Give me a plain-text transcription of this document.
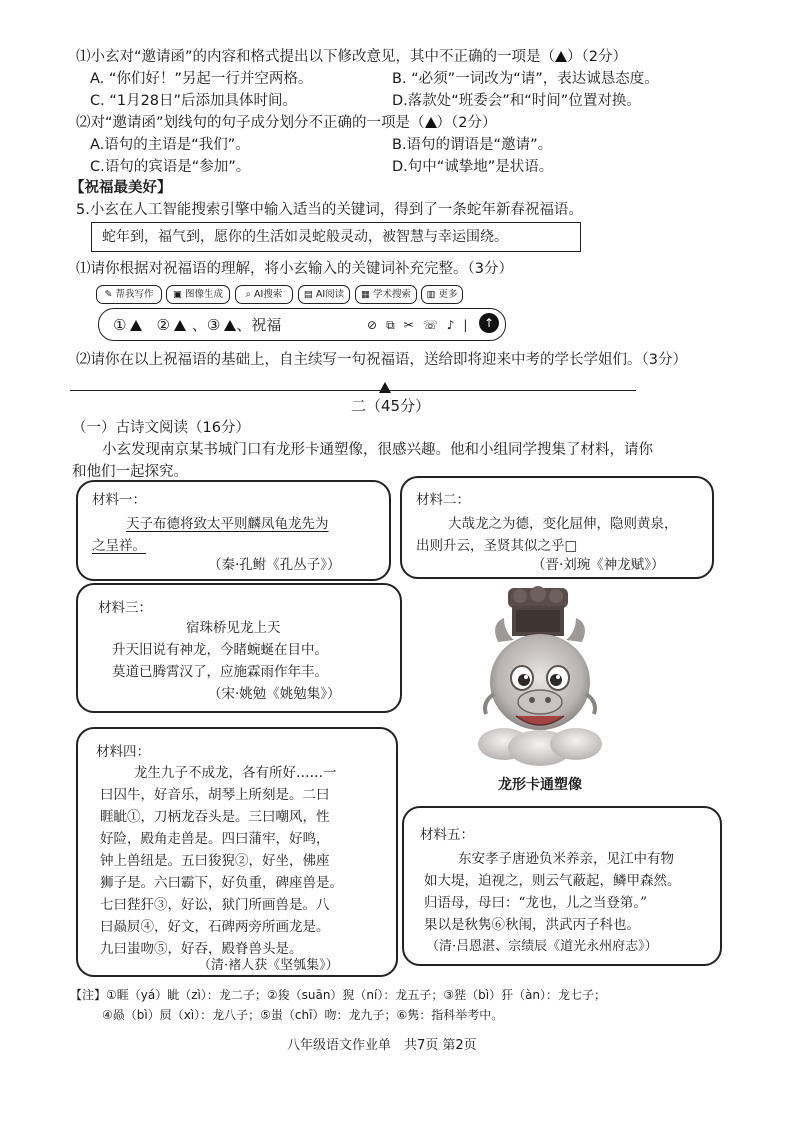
⑴小玄对“邀请函”的内容和格式提出以下修改意见，其中不正确的一项是（ ）（2分）
A. “你们好！”另起一行并空两格。	B. “必须”一词改为“请”，表达诚恳态度。
C. “1月28日”后添加具体时间。	D.落款处“班委会”和“时间”位置对换。
⑵对“邀请函”划线句的句子成分划分不正确的一项是（ ）（2分）
A.语句的主语是“我们”。	B.语句的谓语是“邀请”。
C.语句的宾语是“参加”。	D.句中“诚挚地”是状语。
【祝福最美好】
5.小玄在人工智能搜索引擎中输入适当的关键词，得到了一条蛇年新春祝福语。
蛇年到，福气到，愿你的生活如灵蛇般灵动，被智慧与幸运围绕。
⑴请你根据对祝福语的理解，将小玄输入的关键词补充完整。（3分）
✎ 帮我写作	▣ 图像生成	⌕ AI搜索	▤ AI阅读	▦ 学术搜索	▥ 更多
① ② 、③ 、祝福	⊘ ⧉ ✂ ☏ ♪ |	↑
⑵请你在以上祝福语的基础上，自主续写一句祝福语，送给即将迎来中考的学长学姐们。（3分）
二（45分）
（一）古诗文阅读（16分）
小玄发现南京某书城门口有龙形卡通塑像，很感兴趣。他和小组同学搜集了材料，请你
和他们一起探究。
材料一：
天子布德将致太平则麟凤龟龙先为
之呈祥。
（秦·孔鲋《孔丛子》）
材料二：
大哉龙之为德，变化屈伸，隐则黄泉，
出则升云，圣贤其似之乎□
（晋·刘琬《神龙赋》）
材料三：
宿珠桥见龙上天
升天旧说有神龙，今睹蜿蜒在目中。
莫道已腾霄汉了，应施霖雨作年丰。
（宋·姚勉《姚勉集》）
龙形卡通塑像
材料四：
龙生九子不成龙，各有所好……一
曰囚牛，好音乐，胡琴上所刻是。二曰
睚眦①，刀柄龙吞头是。三曰嘲风，性
好险，殿角走兽是。四曰蒲牢，好鸣，
钟上兽纽是。五曰狻猊②，好坐，佛座
狮子是。六曰霸下，好负重，碑座兽是。
七曰狴犴③，好讼，狱门所画兽是。八
曰赑屃④，好文，石碑两旁所画龙是。
九曰蚩吻⑤，好吞，殿脊兽头是。
（清·褚人获《坚瓠集》）
材料五：
东安孝子唐逊负米养亲，见江中有物
如大堤，迫视之，则云气蔽起，鳞甲森然。
归语母，母曰：“龙也，儿之当登第。”
果以是秋隽⑥秋闱，洪武丙子科也。
（清·吕恩湛、宗绩辰《道光永州府志》）
【注】①睚（yá）眦（zì）：龙二子；②狻（suān）猊（ní）：龙五子；③狴（bì）犴（àn）：龙七子；
④赑（bì）屃（xì）：龙八子；⑤蚩（chī）吻：龙九子；⑥隽：指科举考中。
八年级语文作业单　共7页 第2页
